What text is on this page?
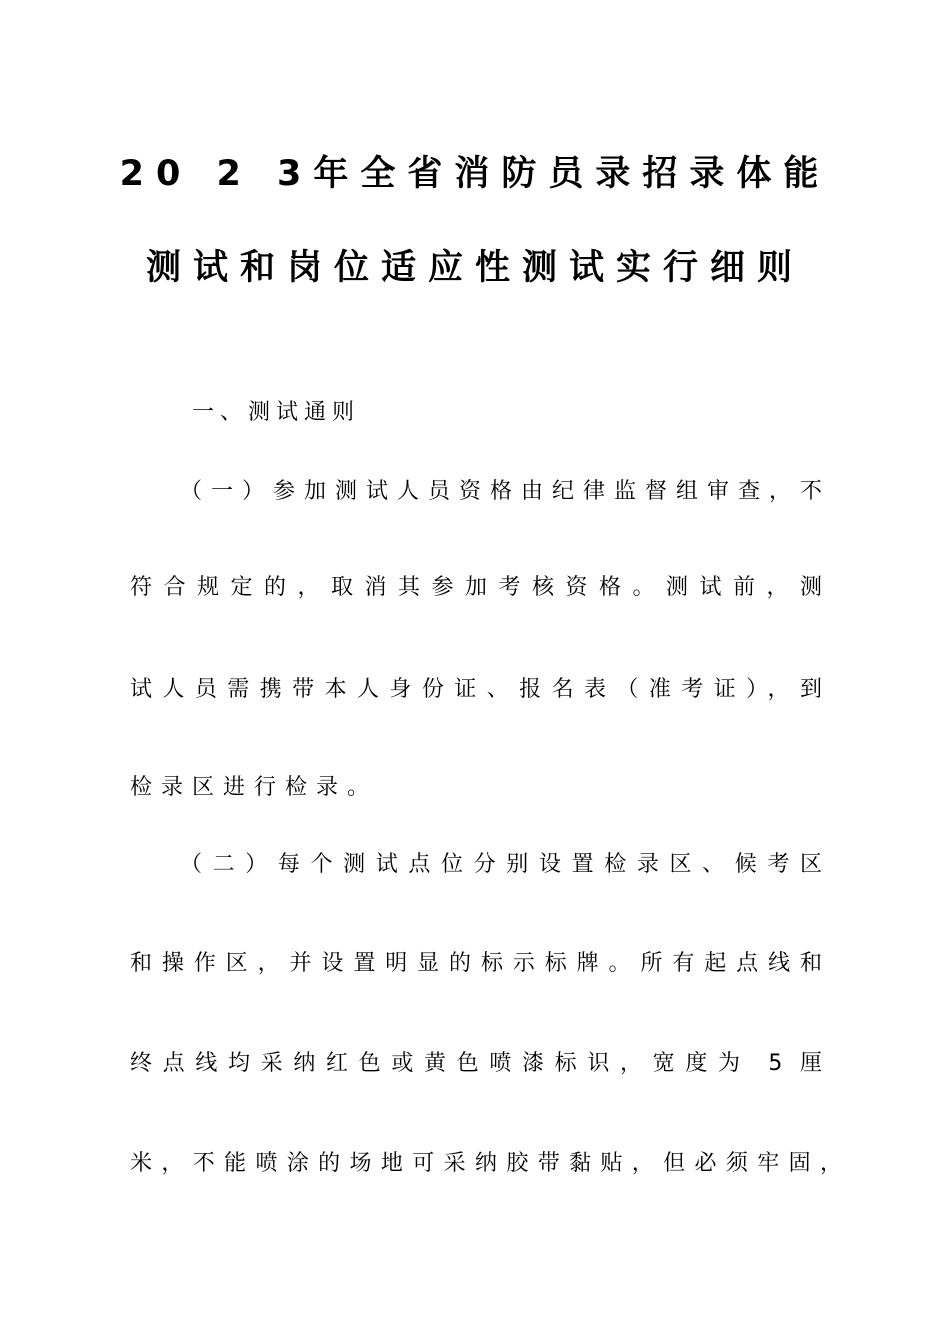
20 2 3年全省消防员录招录体能
测试和岗位适应性测试实行细则
一、测试通则
（一）参加测试人员资格由纪律监督组审查，不
符合规定的，取消其参加考核资格。测试前，测
试人员需携带本人身份证、报名表（准考证），到
检录区进行检录。
（二）每个测试点位分别设置检录区、候考区
和操作区，并设置明显的标示标牌。所有起点线和
终点线均采纳红色或黄色喷漆标识，宽度为 5 厘
米，不能喷涂的场地可采纳胶带黏贴，但必须牢固，
